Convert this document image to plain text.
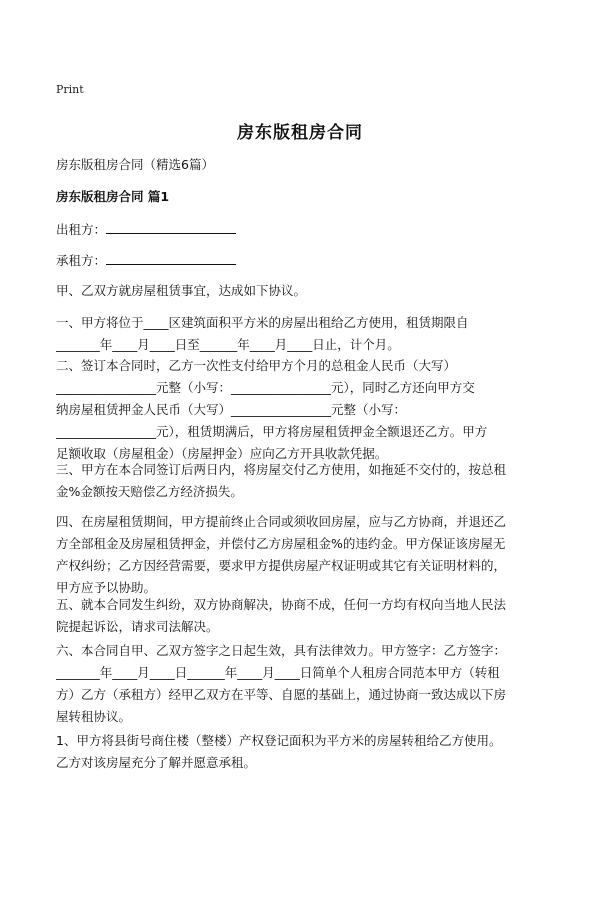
Print
房东版租房合同
房东版租房合同（精选6篇）
房东版租房合同 篇1
出租方：
承租方：
甲、乙双方就房屋租赁事宜，达成如下协议。
一、甲方将位于____区建筑面积平方米的房屋出租给乙方使用，租赁期限自
_______年____月____日至______年____月____日止，计个月。
二、签订本合同时，乙方一次性支付给甲方个月的总租金人民币（大写）
________________元整（小写：________________元），同时乙方还向甲方交
纳房屋租赁押金人民币（大写）________________元整（小写：
________________元），租赁期满后，甲方将房屋租赁押金全额退还乙方。甲方
足额收取（房屋租金）（房屋押金）应向乙方开具收款凭据。
三、甲方在本合同签订后两日内，将房屋交付乙方使用，如拖延不交付的，按总租
金%金额按天赔偿乙方经济损失。
四、在房屋租赁期间，甲方提前终止合同或须收回房屋，应与乙方协商，并退还乙
方全部租金及房屋租赁押金，并偿付乙方房屋租金%的违约金。甲方保证该房屋无
产权纠纷；乙方因经营需要，要求甲方提供房屋产权证明或其它有关证明材料的，
甲方应予以协助。
五、就本合同发生纠纷，双方协商解决，协商不成，任何一方均有权向当地人民法
院提起诉讼，请求司法解决。
六、本合同自甲、乙双方签字之日起生效，具有法律效力。甲方签字：乙方签字：
_______年____月____日______年____月____日简单个人租房合同范本甲方（转租
方）乙方（承租方）经甲乙双方在平等、自愿的基础上，通过协商一致达成以下房
屋转租协议。
1、甲方将县街号商住楼（整楼）产权登记面积为平方米的房屋转租给乙方使用。
乙方对该房屋充分了解并愿意承租。
